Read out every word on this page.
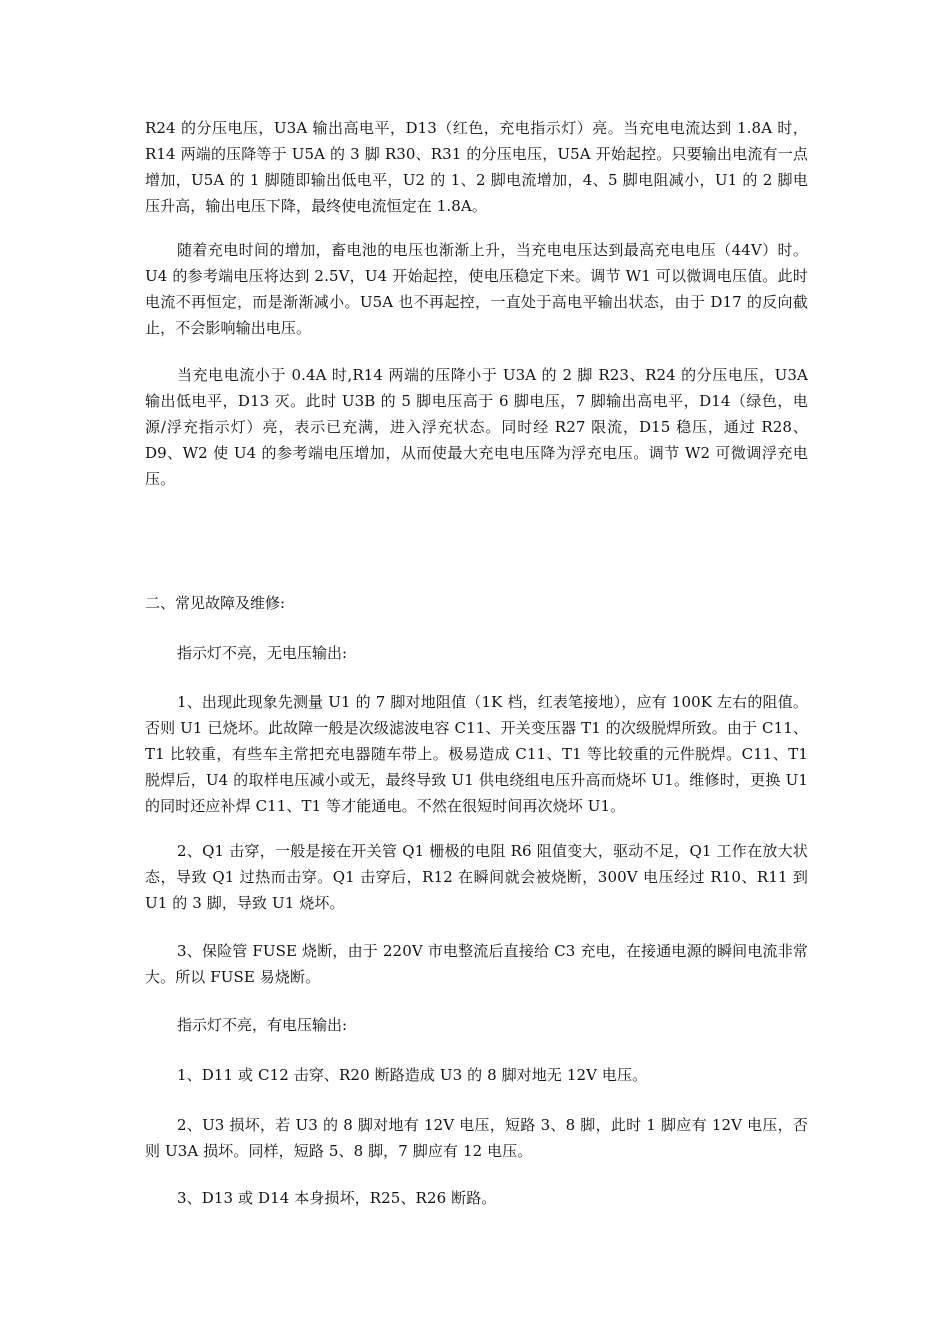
R24 的分压电压，U3A 输出高电平，D13（红色，充电指示灯）亮。当充电电流达到 1.8A 时，R14 两端的压降等于 U5A 的 3 脚 R30、R31 的分压电压，U5A 开始起控。只要输出电流有一点增加，U5A 的 1 脚随即输出低电平，U2 的 1、2 脚电流增加，4、5 脚电阻减小，U1 的 2 脚电压升高，输出电压下降，最终使电流恒定在 1.8A。

随着充电时间的增加，畜电池的电压也渐渐上升，当充电电压达到最高充电电压（44V）时。U4 的参考端电压将达到 2.5V，U4 开始起控，使电压稳定下来。调节 W1 可以微调电压值。此时电流不再恒定，而是渐渐减小。U5A 也不再起控，一直处于高电平输出状态，由于 D17 的反向截止，不会影响输出电压。

当充电电流小于 0.4A 时,R14 两端的压降小于 U3A 的 2 脚 R23、R24 的分压电压，U3A 输出低电平，D13 灭。此时 U3B 的 5 脚电压高于 6 脚电压，7 脚输出高电平，D14（绿色，电源/浮充指示灯）亮，表示已充满，进入浮充状态。同时经 R27 限流，D15 稳压，通过 R28、D9、W2 使 U4 的参考端电压增加，从而使最大充电电压降为浮充电压。调节 W2 可微调浮充电压。

二、常见故障及维修:

指示灯不亮，无电压输出:

1、出现此现象先测量 U1 的 7 脚对地阻值（1K 档，红表笔接地），应有 100K 左右的阻值。否则 U1 已烧坏。此故障一般是次级滤波电容 C11、开关变压器 T1 的次级脱焊所致。由于 C11、T1 比较重，有些车主常把充电器随车带上。极易造成 C11、T1 等比较重的元件脱焊。C11、T1 脱焊后，U4 的取样电压减小或无，最终导致 U1 供电绕组电压升高而烧坏 U1。维修时，更换 U1 的同时还应补焊 C11、T1 等才能通电。不然在很短时间再次烧坏 U1。

2、Q1 击穿，一般是接在开关管 Q1 栅极的电阻 R6 阻值变大，驱动不足，Q1 工作在放大状态，导致 Q1 过热而击穿。Q1 击穿后，R12 在瞬间就会被烧断，300V 电压经过 R10、R11 到 U1 的 3 脚，导致 U1 烧坏。

3、保险管 FUSE 烧断，由于 220V 市电整流后直接给 C3 充电，在接通电源的瞬间电流非常大。所以 FUSE 易烧断。

指示灯不亮，有电压输出:

1、D11 或 C12 击穿、R20 断路造成 U3 的 8 脚对地无 12V 电压。

2、U3 损坏，若 U3 的 8 脚对地有 12V 电压，短路 3、8 脚，此时 1 脚应有 12V 电压，否则 U3A 损坏。同样，短路 5、8 脚，7 脚应有 12 电压。

3、D13 或 D14 本身损坏，R25、R26 断路。
